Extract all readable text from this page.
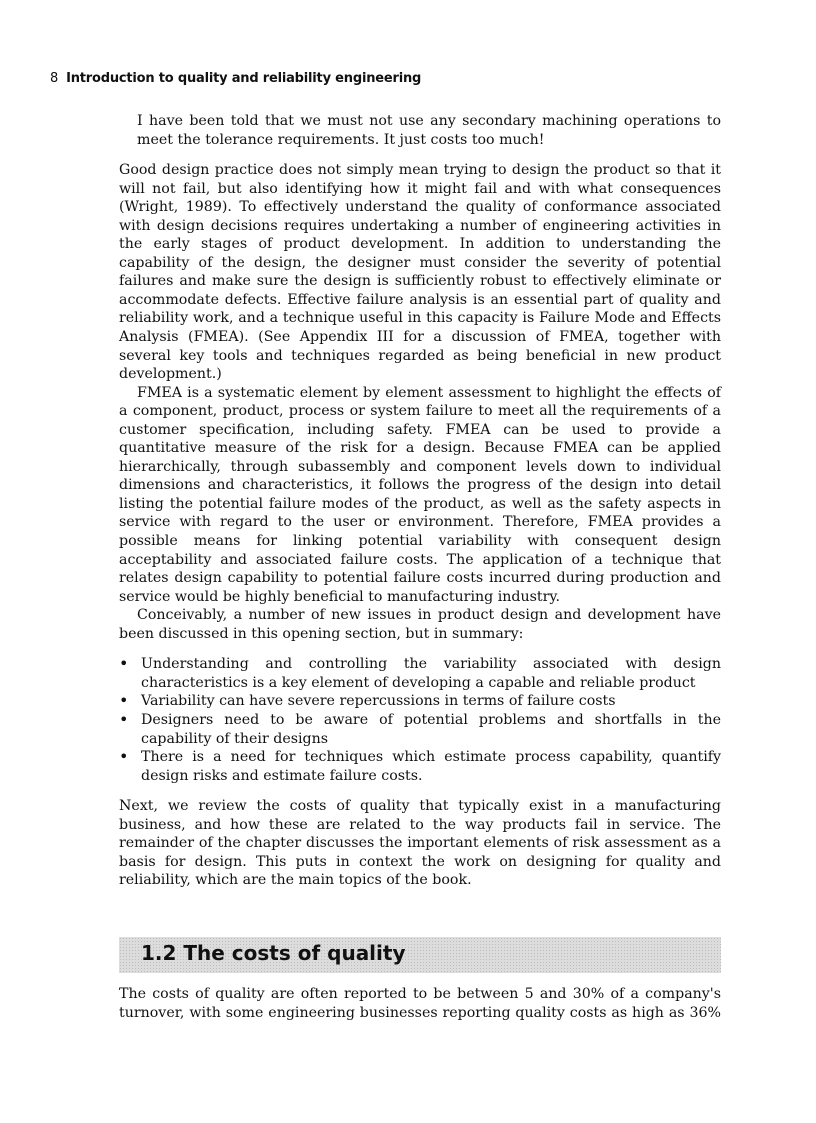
8 Introduction to quality and reliability engineering

I have been told that we must not use any secondary machining operations to meet the tolerance requirements. It just costs too much!

Good design practice does not simply mean trying to design the product so that it will not fail, but also identifying how it might fail and with what consequences (Wright, 1989). To effectively understand the quality of conformance associated with design decisions requires undertaking a number of engineering activities in the early stages of product development. In addition to understanding the capability of the design, the designer must consider the severity of potential failures and make sure the design is sufficiently robust to effectively eliminate or accommodate defects. Effective failure analysis is an essential part of quality and reliability work, and a technique useful in this capacity is Failure Mode and Effects Analysis (FMEA). (See Appendix III for a discussion of FMEA, together with several key tools and techniques regarded as being beneficial in new product development.)

FMEA is a systematic element by element assessment to highlight the effects of a component, product, process or system failure to meet all the requirements of a customer specification, including safety. FMEA can be used to provide a quantitative measure of the risk for a design. Because FMEA can be applied hierarchically, through subassembly and component levels down to individual dimensions and characteristics, it follows the progress of the design into detail listing the potential failure modes of the product, as well as the safety aspects in service with regard to the user or environment. Therefore, FMEA provides a possible means for linking potential variability with consequent design acceptability and associated failure costs. The application of a technique that relates design capability to potential failure costs incurred during production and service would be highly beneficial to manufacturing industry.

Conceivably, a number of new issues in product design and development have been discussed in this opening section, but in summary:

• Understanding and controlling the variability associated with design characteristics is a key element of developing a capable and reliable product
• Variability can have severe repercussions in terms of failure costs
• Designers need to be aware of potential problems and shortfalls in the capability of their designs
• There is a need for techniques which estimate process capability, quantify design risks and estimate failure costs.

Next, we review the costs of quality that typically exist in a manufacturing business, and how these are related to the way products fail in service. The remainder of the chapter discusses the important elements of risk assessment as a basis for design. This puts in context the work on designing for quality and reliability, which are the main topics of the book.

1.2 The costs of quality

The costs of quality are often reported to be between 5 and 30% of a company's turnover, with some engineering businesses reporting quality costs as high as 36%
